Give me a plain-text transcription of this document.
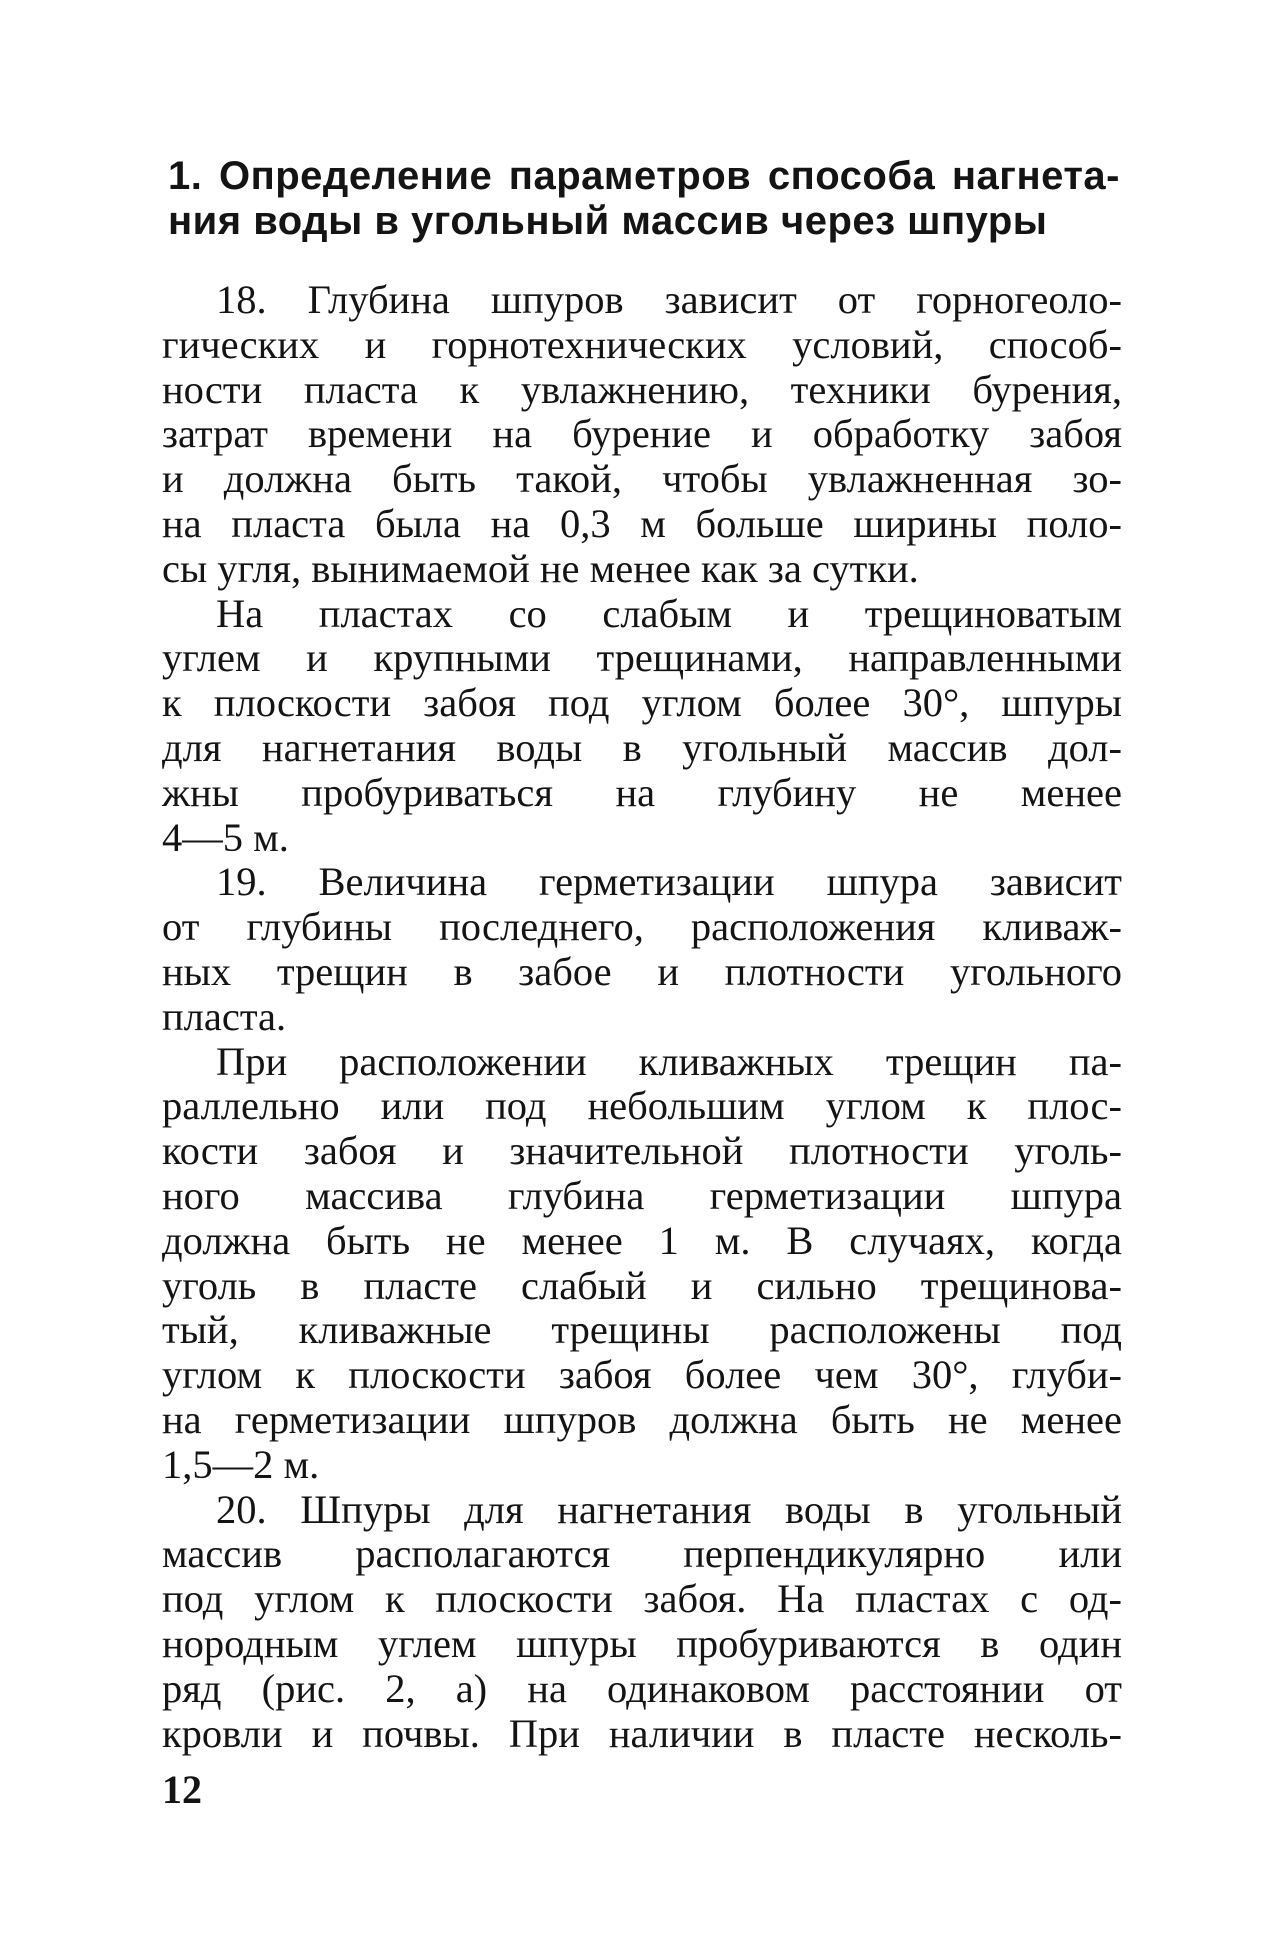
1. Определение параметров способа нагнета-
ния воды в угольный массив через шпуры
18. Глубина шпуров зависит от горногеоло-
гических и горнотехнических условий, способ-
ности пласта к увлажнению, техники бурения,
затрат времени на бурение и обработку забоя
и должна быть такой, чтобы увлажненная зо-
на пласта была на 0,3 м больше ширины поло-
сы угля, вынимаемой не менее как за сутки.
На пластах со слабым и трещиноватым
углем и крупными трещинами, направленными
к плоскости забоя под углом более 30°, шпуры
для нагнетания воды в угольный массив дол-
жны пробуриваться на глубину не менее
4—5 м.
19. Величина герметизации шпура зависит
от глубины последнего, расположения кливаж-
ных трещин в забое и плотности угольного
пласта.
При расположении кливажных трещин па-
раллельно или под небольшим углом к плос-
кости забоя и значительной плотности уголь-
ного массива глубина герметизации шпура
должна быть не менее 1 м. В случаях, когда
уголь в пласте слабый и сильно трещинова-
тый, кливажные трещины расположены под
углом к плоскости забоя более чем 30°, глуби-
на герметизации шпуров должна быть не менее
1,5—2 м.
20. Шпуры для нагнетания воды в угольный
массив располагаются перпендикулярно или
под углом к плоскости забоя. На пластах с од-
нородным углем шпуры пробуриваются в один
ряд (рис. 2, а) на одинаковом расстоянии от
кровли и почвы. При наличии в пласте несколь-
12
